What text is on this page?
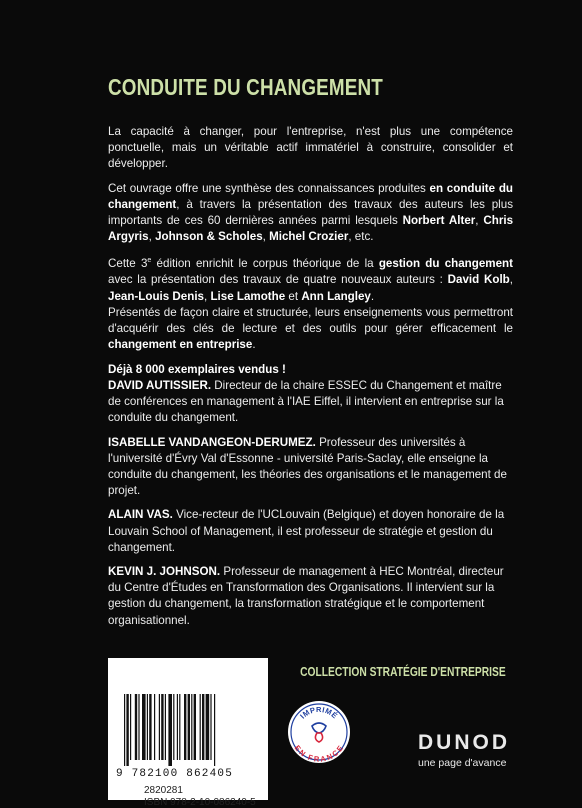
CONDUITE DU CHANGEMENT

La capacité à changer, pour l'entreprise, n'est plus une compétence ponctuelle, mais un véritable actif immatériel à construire, consolider et développer.

Cet ouvrage offre une synthèse des connaissances produites en conduite du changement, à travers la présentation des travaux des auteurs les plus importants de ces 60 dernières années parmi lesquels Norbert Alter, Chris Argyris, Johnson & Scholes, Michel Crozier, etc.

Cette 3e édition enrichit le corpus théorique de la gestion du changement avec la présentation des travaux de quatre nouveaux auteurs : David Kolb, Jean-Louis Denis, Lise Lamothe et Ann Langley.

Présentés de façon claire et structurée, leurs enseignements vous permettront d'acquérir des clés de lecture et des outils pour gérer efficacement le changement en entreprise.

Déjà 8 000 exemplaires vendus !

DAVID AUTISSIER. Directeur de la chaire ESSEC du Changement et maître de conférences en management à l'IAE Eiffel, il intervient en entreprise sur la conduite du changement.

ISABELLE VANDANGEON-DERUMEZ. Professeur des universités à l'université d'Évry Val d'Essonne - université Paris-Saclay, elle enseigne la conduite du changement, les théories des organisations et le management de projet.

ALAIN VAS. Vice-recteur de l'UCLouvain (Belgique) et doyen honoraire de la Louvain School of Management, il est professeur de stratégie et gestion du changement.

KEVIN J. JOHNSON. Professeur de management à HEC Montréal, directeur du Centre d'Études en Transformation des Organisations. Il intervient sur la gestion du changement, la transformation stratégique et le comportement organisationnel.

COLLECTION STRATÉGIE D'ENTREPRISE
9 782100 862405
2820281
ISBN 978-2-10-086240-5
IMPRIMÉ
EN FRANCE	DUNOD
une page d'avance
